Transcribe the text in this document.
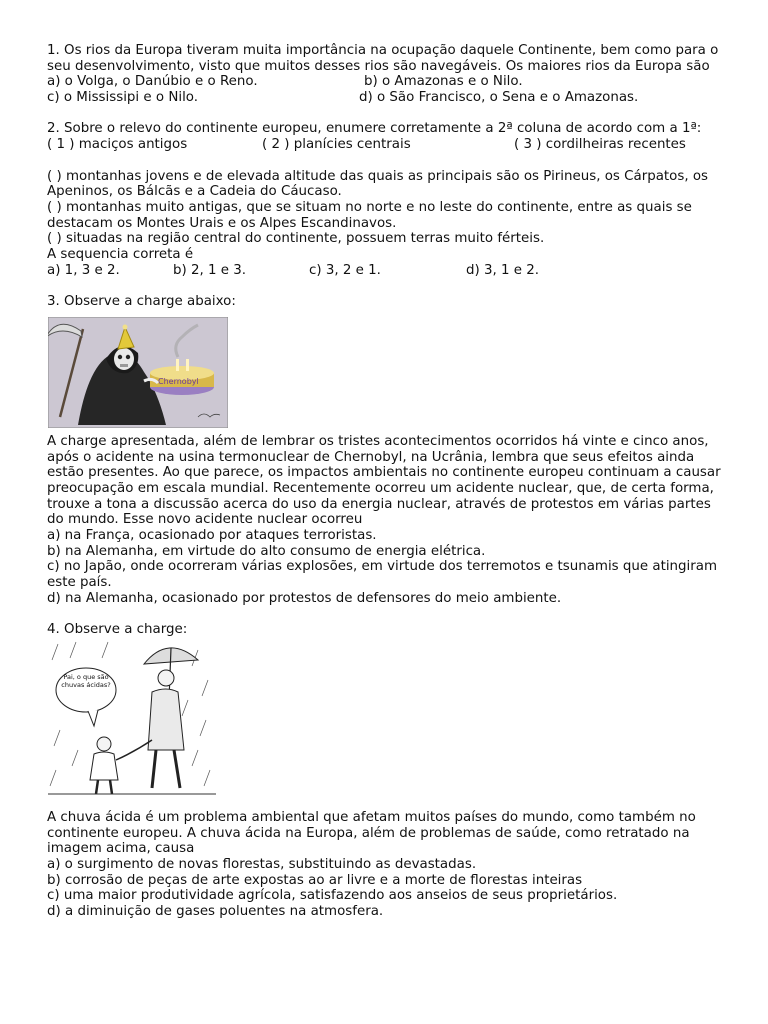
1. Os rios da Europa tiveram muita importância na ocupação daquele Continente, bem como para o seu desenvolvimento, visto que muitos desses rios são navegáveis. Os maiores rios da Europa são

a) o Volga, o Danúbio e o Reno.	b) o Amazonas e o Nilo.
c) o Mississipi e o Nilo.	d) o São Francisco, o Sena e o Amazonas.

2. Sobre o relevo do continente europeu, enumere corretamente a 2ª coluna de acordo com a 1ª:

( 1 ) maciços antigos	( 2 ) planícies centrais	( 3 ) cordilheiras recentes

( ) montanhas jovens e de elevada altitude das quais as principais são os Pirineus, os Cárpatos, os Apeninos, os Bálcãs e a Cadeia do Cáucaso.

( ) montanhas muito antigas, que se situam no norte e no leste do continente, entre as quais se destacam os Montes Urais e os Alpes Escandinavos.

( ) situadas na região central do continente, possuem terras muito férteis.

A sequencia correta é

a) 1, 3 e 2.	b) 2, 1 e 3.	c) 3, 2 e 1.	d) 3, 1 e 2.

3. Observe a charge abaixo:

Chernobyl

A charge apresentada, além de lembrar os tristes acontecimentos ocorridos há vinte e cinco anos, após o acidente na usina termonuclear de Chernobyl, na Ucrânia, lembra que seus efeitos ainda estão presentes. Ao que parece, os impactos ambientais no continente europeu continuam a causar preocupação em escala mundial. Recentemente ocorreu um acidente nuclear, que, de certa forma, trouxe a tona a discussão acerca do uso da energia nuclear, através de protestos em várias partes do mundo. Esse novo acidente nuclear ocorreu

a) na França, ocasionado por ataques terroristas.

b) na Alemanha, em virtude do alto consumo de energia elétrica.

c) no Japão, onde ocorreram várias explosões, em virtude dos terremotos e tsunamis que atingiram este país.

d) na Alemanha, ocasionado por protestos de defensores do meio ambiente.

4. Observe a charge:

Pai, o que são chuvas ácidas?

A chuva ácida é um problema ambiental que afetam muitos países do mundo, como também no continente europeu. A chuva ácida na Europa, além de problemas de saúde, como retratado na imagem acima, causa

a) o surgimento de novas florestas, substituindo as devastadas.

b) corrosão de peças de arte expostas ao ar livre e a morte de florestas inteiras

c) uma maior produtividade agrícola, satisfazendo aos anseios de seus proprietários.

d) a diminuição de gases poluentes na atmosfera.
